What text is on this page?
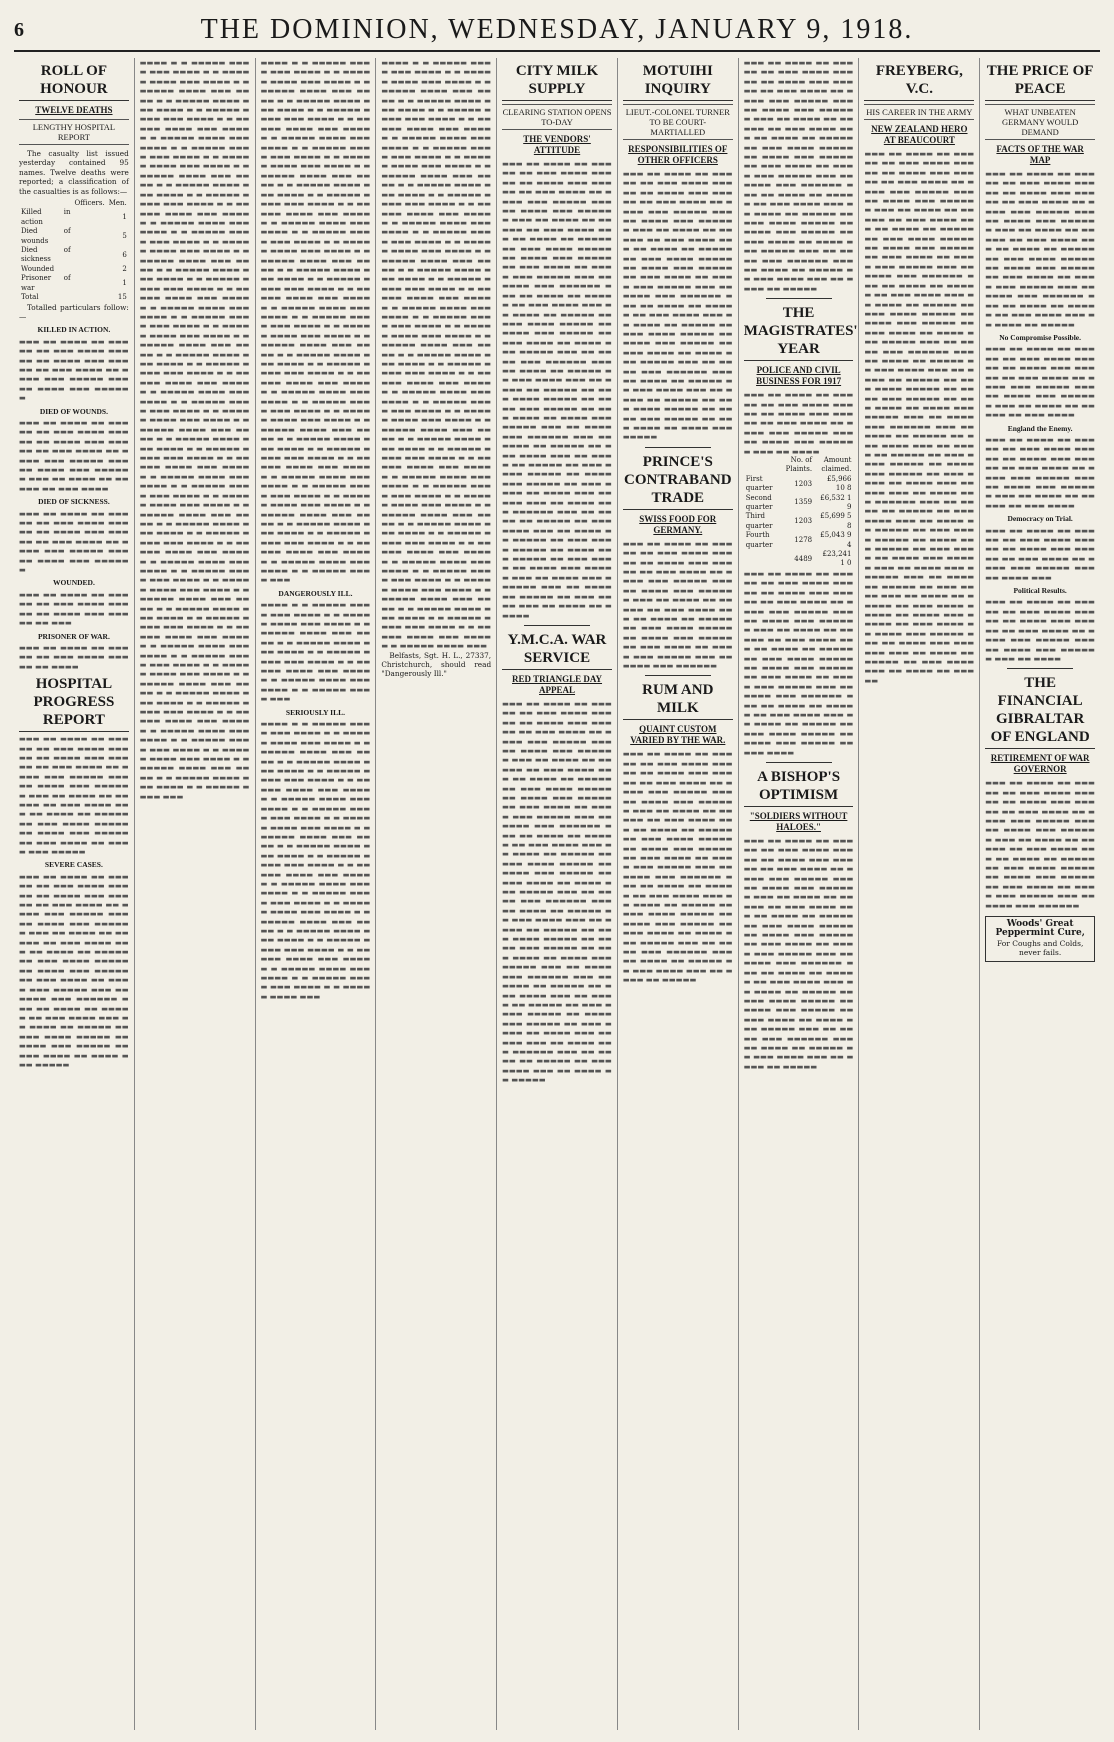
6	THE DOMINION, WEDNESDAY, JANUARY 9, 1918.
ROLL OF HONOUR
TWELVE DEATHS
LENGTHY HOSPITAL REPORT

The casualty list issued yesterday contained 95 names. Twelve deaths were reported; a classification of the casualties is as follows:—

	Officers.	Men.
Killed in action		1
Died of wounds		5
Died of sickness		6
Wounded		2
Prisoner of war		1
Total		15

Totalled particulars follow:—

KILLED IN ACTION.
▬▬▬ ▬▬ ▬▬▬▬ ▬▬ ▬▬▬▬▬ ▬▬ ▬▬▬ ▬▬▬▬ ▬▬▬▬▬ ▬▬ ▬▬▬▬ ▬▬▬ ▬▬▬▬▬ ▬▬ ▬▬▬ ▬▬▬▬ ▬▬ ▬▬▬▬ ▬▬▬ ▬▬▬▬▬ ▬▬▬ ▬▬ ▬▬▬▬ ▬▬▬ ▬▬▬▬▬▬
DIED OF WOUNDS.
▬▬▬ ▬▬ ▬▬▬▬ ▬▬ ▬▬▬▬▬ ▬▬ ▬▬▬ ▬▬▬▬ ▬▬▬▬▬ ▬▬ ▬▬▬▬ ▬▬▬ ▬▬▬▬▬ ▬▬ ▬▬▬ ▬▬▬▬ ▬▬ ▬▬▬▬ ▬▬▬ ▬▬▬▬▬ ▬▬▬ ▬▬ ▬▬▬▬ ▬▬▬ ▬▬▬▬▬▬ ▬▬▬ ▬▬ ▬▬▬▬ ▬▬ ▬▬▬▬▬ ▬▬ ▬▬▬ ▬▬▬▬
DIED OF SICKNESS.
▬▬▬ ▬▬ ▬▬▬▬ ▬▬ ▬▬▬▬▬ ▬▬ ▬▬▬ ▬▬▬▬ ▬▬▬▬▬ ▬▬ ▬▬▬▬ ▬▬▬ ▬▬▬▬▬ ▬▬ ▬▬▬ ▬▬▬▬ ▬▬ ▬▬▬▬ ▬▬▬ ▬▬▬▬▬ ▬▬▬ ▬▬ ▬▬▬▬ ▬▬▬ ▬▬▬▬▬▬
WOUNDED.
▬▬▬ ▬▬ ▬▬▬▬ ▬▬ ▬▬▬▬▬ ▬▬ ▬▬▬ ▬▬▬▬ ▬▬▬▬▬ ▬▬ ▬▬▬▬ ▬▬▬ ▬▬▬▬▬ ▬▬ ▬▬▬
PRISONER OF WAR.
▬▬▬ ▬▬ ▬▬▬▬ ▬▬ ▬▬▬▬▬ ▬▬ ▬▬▬ ▬▬▬▬ ▬▬▬▬▬ ▬▬ ▬▬▬▬
HOSPITAL PROGRESS REPORT
▬▬▬ ▬▬ ▬▬▬▬ ▬▬ ▬▬▬▬▬ ▬▬ ▬▬▬ ▬▬▬▬ ▬▬▬▬▬ ▬▬ ▬▬▬▬ ▬▬▬ ▬▬▬▬▬ ▬▬ ▬▬▬ ▬▬▬▬ ▬▬ ▬▬▬▬ ▬▬▬ ▬▬▬▬▬ ▬▬▬ ▬▬ ▬▬▬▬ ▬▬▬ ▬▬▬▬▬▬ ▬▬▬ ▬▬ ▬▬▬▬ ▬▬ ▬▬▬▬▬ ▬▬ ▬▬▬ ▬▬▬▬ ▬▬▬ ▬▬ ▬▬▬▬ ▬▬ ▬▬▬▬▬ ▬▬ ▬▬▬ ▬▬▬▬ ▬▬▬▬▬ ▬▬ ▬▬▬▬ ▬▬▬ ▬▬▬▬▬ ▬▬ ▬▬▬ ▬▬▬▬ ▬▬ ▬▬▬▬ ▬▬▬ ▬▬▬▬▬
SEVERE CASES.
▬▬▬ ▬▬ ▬▬▬▬ ▬▬ ▬▬▬▬▬ ▬▬ ▬▬▬ ▬▬▬▬ ▬▬▬▬▬ ▬▬ ▬▬▬▬ ▬▬▬ ▬▬▬▬▬ ▬▬ ▬▬▬ ▬▬▬▬ ▬▬ ▬▬▬▬ ▬▬▬ ▬▬▬▬▬ ▬▬▬ ▬▬ ▬▬▬▬ ▬▬▬ ▬▬▬▬▬▬ ▬▬▬ ▬▬ ▬▬▬▬ ▬▬ ▬▬▬▬▬ ▬▬ ▬▬▬ ▬▬▬▬ ▬▬▬ ▬▬ ▬▬▬▬ ▬▬ ▬▬▬▬▬ ▬▬ ▬▬▬ ▬▬▬▬ ▬▬▬▬▬ ▬▬ ▬▬▬▬ ▬▬▬ ▬▬▬▬▬ ▬▬ ▬▬▬ ▬▬▬▬ ▬▬ ▬▬▬▬ ▬▬▬ ▬▬▬▬▬ ▬▬▬ ▬▬ ▬▬▬▬ ▬▬▬ ▬▬▬▬▬▬ ▬▬▬ ▬▬ ▬▬▬▬ ▬▬ ▬▬▬▬▬ ▬▬ ▬▬▬ ▬▬▬▬ ▬▬▬ ▬▬ ▬▬▬▬ ▬▬ ▬▬▬▬▬ ▬▬ ▬▬▬ ▬▬▬▬ ▬▬▬▬▬ ▬▬ ▬▬▬▬ ▬▬▬ ▬▬▬▬▬ ▬▬ ▬▬▬ ▬▬▬▬ ▬▬ ▬▬▬▬ ▬▬▬ ▬▬▬▬▬
▬▬▬▬ ▬ ▬ ▬▬▬▬▬ ▬▬▬▬ ▬▬▬ ▬▬▬▬ ▬ ▬ ▬▬▬▬▬ ▬▬▬▬ ▬▬▬ ▬▬▬▬ ▬ ▬ ▬▬▬▬▬ ▬▬▬▬ ▬▬▬ ▬▬▬▬ ▬ ▬ ▬▬▬▬▬ ▬▬▬▬ ▬▬▬ ▬▬▬▬ ▬ ▬ ▬▬▬▬▬ ▬▬▬▬ ▬▬▬ ▬▬▬▬ ▬ ▬ ▬▬▬▬▬ ▬▬▬▬ ▬▬▬ ▬▬▬▬ ▬ ▬ ▬▬▬▬▬ ▬▬▬▬ ▬▬▬ ▬▬▬▬ ▬ ▬ ▬▬▬▬▬ ▬▬▬▬ ▬▬▬ ▬▬▬▬ ▬ ▬ ▬▬▬▬▬ ▬▬▬▬ ▬▬▬ ▬▬▬▬ ▬ ▬ ▬▬▬▬▬ ▬▬▬▬ ▬▬▬ ▬▬▬▬ ▬ ▬ ▬▬▬▬▬ ▬▬▬▬ ▬▬▬ ▬▬▬▬ ▬ ▬ ▬▬▬▬▬ ▬▬▬▬ ▬▬▬ ▬▬▬▬ ▬ ▬ ▬▬▬▬▬ ▬▬▬▬ ▬▬▬ ▬▬▬▬ ▬ ▬ ▬▬▬▬▬ ▬▬▬▬ ▬▬▬ ▬▬▬▬ ▬ ▬ ▬▬▬▬▬ ▬▬▬▬ ▬▬▬ ▬▬▬▬ ▬ ▬ ▬▬▬▬▬ ▬▬▬▬ ▬▬▬ ▬▬▬▬ ▬ ▬ ▬▬▬▬▬ ▬▬▬▬ ▬▬▬ ▬▬▬▬ ▬ ▬ ▬▬▬▬▬ ▬▬▬▬ ▬▬▬ ▬▬▬▬ ▬ ▬ ▬▬▬▬▬ ▬▬▬▬ ▬▬▬ ▬▬▬▬ ▬ ▬ ▬▬▬▬▬ ▬▬▬▬ ▬▬▬ ▬▬▬▬ ▬ ▬ ▬▬▬▬▬ ▬▬▬▬ ▬▬▬ ▬▬▬▬ ▬ ▬ ▬▬▬▬▬ ▬▬▬▬ ▬▬▬ ▬▬▬▬ ▬ ▬ ▬▬▬▬▬ ▬▬▬▬ ▬▬▬ ▬▬▬▬ ▬ ▬ ▬▬▬▬▬ ▬▬▬▬ ▬▬▬ ▬▬▬▬ ▬ ▬ ▬▬▬▬▬ ▬▬▬▬ ▬▬▬ ▬▬▬▬ ▬ ▬ ▬▬▬▬▬ ▬▬▬▬ ▬▬▬ ▬▬▬▬ ▬ ▬ ▬▬▬▬▬ ▬▬▬▬ ▬▬▬ ▬▬▬▬ ▬ ▬ ▬▬▬▬▬ ▬▬▬▬ ▬▬▬ ▬▬▬▬ ▬ ▬ ▬▬▬▬▬ ▬▬▬▬ ▬▬▬ ▬▬▬▬ ▬ ▬ ▬▬▬▬▬ ▬▬▬▬ ▬▬▬ ▬▬▬▬ ▬ ▬ ▬▬▬▬▬ ▬▬▬▬ ▬▬▬ ▬▬▬▬ ▬ ▬ ▬▬▬▬▬ ▬▬▬▬ ▬▬▬ ▬▬▬▬ ▬ ▬ ▬▬▬▬▬ ▬▬▬▬ ▬▬▬ ▬▬▬▬ ▬ ▬ ▬▬▬▬▬ ▬▬▬▬ ▬▬▬ ▬▬▬▬ ▬ ▬ ▬▬▬▬▬ ▬▬▬▬ ▬▬▬ ▬▬▬▬ ▬ ▬ ▬▬▬▬▬ ▬▬▬▬ ▬▬▬ ▬▬▬▬ ▬ ▬ ▬▬▬▬▬ ▬▬▬▬ ▬▬▬ ▬▬▬▬ ▬ ▬ ▬▬▬▬▬ ▬▬▬▬ ▬▬▬ ▬▬▬▬ ▬ ▬ ▬▬▬▬▬ ▬▬▬▬ ▬▬▬ ▬▬▬▬ ▬ ▬ ▬▬▬▬▬ ▬▬▬▬ ▬▬▬ ▬▬▬▬ ▬ ▬ ▬▬▬▬▬ ▬▬▬▬ ▬▬▬ ▬▬▬▬ ▬ ▬ ▬▬▬▬▬ ▬▬▬▬ ▬▬▬ ▬▬▬▬ ▬ ▬ ▬▬▬▬▬ ▬▬▬▬ ▬▬▬ ▬▬▬▬ ▬ ▬ ▬▬▬▬▬ ▬▬▬▬ ▬▬▬ ▬▬▬▬ ▬ ▬ ▬▬▬▬▬ ▬▬▬▬ ▬▬▬ ▬▬▬▬ ▬ ▬ ▬▬▬▬▬ ▬▬▬▬ ▬▬▬ ▬▬▬▬ ▬ ▬ ▬▬▬▬▬ ▬▬▬▬ ▬▬▬ ▬▬▬▬ ▬ ▬ ▬▬▬▬▬ ▬▬▬▬ ▬▬▬ ▬▬▬▬ ▬ ▬ ▬▬▬▬▬ ▬▬▬▬ ▬▬▬ ▬▬▬▬ ▬ ▬ ▬▬▬▬▬ ▬▬▬▬ ▬▬▬ ▬▬▬▬ ▬ ▬ ▬▬▬▬▬ ▬▬▬▬ ▬▬▬ ▬▬▬▬ ▬ ▬ ▬▬▬▬▬ ▬▬▬▬ ▬▬▬ ▬▬▬▬ ▬ ▬ ▬▬▬▬▬ ▬▬▬▬ ▬▬▬ ▬▬▬▬ ▬ ▬ ▬▬▬▬▬ ▬▬▬▬ ▬▬▬ ▬▬▬▬ ▬ ▬ ▬▬▬▬▬ ▬▬▬▬ ▬▬▬ ▬▬▬▬ ▬ ▬ ▬▬▬▬▬ ▬▬▬▬ ▬▬▬ ▬▬▬▬ ▬ ▬ ▬▬▬▬▬ ▬▬▬▬ ▬▬▬ ▬▬▬▬ ▬ ▬ ▬▬▬▬▬ ▬▬▬▬ ▬▬▬ ▬▬▬▬ ▬ ▬ ▬▬▬▬▬ ▬▬▬▬ ▬▬▬ ▬▬▬▬ ▬ ▬ ▬▬▬▬▬ ▬▬▬▬ ▬▬▬ ▬▬▬▬ ▬ ▬ ▬▬▬▬▬ ▬▬▬▬ ▬▬▬
▬▬▬▬ ▬ ▬ ▬▬▬▬▬ ▬▬▬▬ ▬▬▬ ▬▬▬▬ ▬ ▬ ▬▬▬▬▬ ▬▬▬▬ ▬▬▬ ▬▬▬▬ ▬ ▬ ▬▬▬▬▬ ▬▬▬▬ ▬▬▬ ▬▬▬▬ ▬ ▬ ▬▬▬▬▬ ▬▬▬▬ ▬▬▬ ▬▬▬▬ ▬ ▬ ▬▬▬▬▬ ▬▬▬▬ ▬▬▬ ▬▬▬▬ ▬ ▬ ▬▬▬▬▬ ▬▬▬▬ ▬▬▬ ▬▬▬▬ ▬ ▬ ▬▬▬▬▬ ▬▬▬▬ ▬▬▬ ▬▬▬▬ ▬ ▬ ▬▬▬▬▬ ▬▬▬▬ ▬▬▬ ▬▬▬▬ ▬ ▬ ▬▬▬▬▬ ▬▬▬▬ ▬▬▬ ▬▬▬▬ ▬ ▬ ▬▬▬▬▬ ▬▬▬▬ ▬▬▬ ▬▬▬▬ ▬ ▬ ▬▬▬▬▬ ▬▬▬▬ ▬▬▬ ▬▬▬▬ ▬ ▬ ▬▬▬▬▬ ▬▬▬▬ ▬▬▬ ▬▬▬▬ ▬ ▬ ▬▬▬▬▬ ▬▬▬▬ ▬▬▬ ▬▬▬▬ ▬ ▬ ▬▬▬▬▬ ▬▬▬▬ ▬▬▬ ▬▬▬▬ ▬ ▬ ▬▬▬▬▬ ▬▬▬▬ ▬▬▬ ▬▬▬▬ ▬ ▬ ▬▬▬▬▬ ▬▬▬▬ ▬▬▬ ▬▬▬▬ ▬ ▬ ▬▬▬▬▬ ▬▬▬▬ ▬▬▬ ▬▬▬▬ ▬ ▬ ▬▬▬▬▬ ▬▬▬▬ ▬▬▬ ▬▬▬▬ ▬ ▬ ▬▬▬▬▬ ▬▬▬▬ ▬▬▬ ▬▬▬▬ ▬ ▬ ▬▬▬▬▬ ▬▬▬▬ ▬▬▬ ▬▬▬▬ ▬ ▬ ▬▬▬▬▬ ▬▬▬▬ ▬▬▬ ▬▬▬▬ ▬ ▬ ▬▬▬▬▬ ▬▬▬▬ ▬▬▬ ▬▬▬▬ ▬ ▬ ▬▬▬▬▬ ▬▬▬▬ ▬▬▬ ▬▬▬▬ ▬ ▬ ▬▬▬▬▬ ▬▬▬▬ ▬▬▬ ▬▬▬▬ ▬ ▬ ▬▬▬▬▬ ▬▬▬▬ ▬▬▬ ▬▬▬▬ ▬ ▬ ▬▬▬▬▬ ▬▬▬▬ ▬▬▬ ▬▬▬▬ ▬ ▬ ▬▬▬▬▬ ▬▬▬▬ ▬▬▬ ▬▬▬▬ ▬ ▬ ▬▬▬▬▬ ▬▬▬▬ ▬▬▬ ▬▬▬▬ ▬ ▬ ▬▬▬▬▬ ▬▬▬▬ ▬▬▬ ▬▬▬▬ ▬ ▬ ▬▬▬▬▬ ▬▬▬▬ ▬▬▬ ▬▬▬▬ ▬ ▬ ▬▬▬▬▬ ▬▬▬▬ ▬▬▬ ▬▬▬▬ ▬ ▬ ▬▬▬▬▬ ▬▬▬▬ ▬▬▬ ▬▬▬▬ ▬ ▬ ▬▬▬▬▬ ▬▬▬▬ ▬▬▬ ▬▬▬▬ ▬ ▬ ▬▬▬▬▬ ▬▬▬▬ ▬▬▬ ▬▬▬▬ ▬ ▬ ▬▬▬▬▬ ▬▬▬▬ ▬▬▬ ▬▬▬▬ ▬ ▬ ▬▬▬▬▬ ▬▬▬▬ ▬▬▬ ▬▬▬▬ ▬ ▬ ▬▬▬▬▬ ▬▬▬▬ ▬▬▬ ▬▬▬▬ ▬ ▬ ▬▬▬▬▬ ▬▬▬▬ ▬▬▬ ▬▬▬▬ ▬ ▬ ▬▬▬▬▬ ▬▬▬▬ ▬▬▬ ▬▬▬▬ ▬ ▬ ▬▬▬▬▬ ▬▬▬▬ ▬▬▬ ▬▬▬▬ ▬ ▬ ▬▬▬▬▬ ▬▬▬▬ ▬▬▬ ▬▬▬▬ ▬ ▬ ▬▬▬▬▬ ▬▬▬▬ ▬▬▬ ▬▬▬▬ ▬ ▬ ▬▬▬▬▬ ▬▬▬▬ ▬▬▬
DANGEROUSLY ILL.
▬▬▬▬ ▬ ▬ ▬▬▬▬▬ ▬▬▬▬ ▬▬▬ ▬▬▬▬ ▬ ▬ ▬▬▬▬▬ ▬▬▬▬ ▬▬▬ ▬▬▬▬ ▬ ▬ ▬▬▬▬▬ ▬▬▬▬ ▬▬▬ ▬▬▬▬ ▬ ▬ ▬▬▬▬▬ ▬▬▬▬ ▬▬▬ ▬▬▬▬ ▬ ▬ ▬▬▬▬▬ ▬▬▬▬ ▬▬▬ ▬▬▬▬ ▬ ▬ ▬▬▬▬▬ ▬▬▬▬ ▬▬▬ ▬▬▬▬ ▬ ▬ ▬▬▬▬▬ ▬▬▬▬ ▬▬▬ ▬▬▬▬ ▬ ▬ ▬▬▬▬▬ ▬▬▬▬ ▬▬▬
SERIOUSLY ILL.
▬▬▬▬ ▬ ▬ ▬▬▬▬▬ ▬▬▬▬ ▬▬▬ ▬▬▬▬ ▬ ▬ ▬▬▬▬▬ ▬▬▬▬ ▬▬▬ ▬▬▬▬ ▬ ▬ ▬▬▬▬▬ ▬▬▬▬ ▬▬▬ ▬▬▬▬ ▬ ▬ ▬▬▬▬▬ ▬▬▬▬ ▬▬▬ ▬▬▬▬ ▬ ▬ ▬▬▬▬▬ ▬▬▬▬ ▬▬▬ ▬▬▬▬ ▬ ▬ ▬▬▬▬▬ ▬▬▬▬ ▬▬▬ ▬▬▬▬ ▬ ▬ ▬▬▬▬▬ ▬▬▬▬ ▬▬▬ ▬▬▬▬ ▬ ▬ ▬▬▬▬▬ ▬▬▬▬ ▬▬▬ ▬▬▬▬ ▬ ▬ ▬▬▬▬▬ ▬▬▬▬ ▬▬▬ ▬▬▬▬ ▬ ▬ ▬▬▬▬▬ ▬▬▬▬ ▬▬▬ ▬▬▬▬ ▬ ▬ ▬▬▬▬▬ ▬▬▬▬ ▬▬▬ ▬▬▬▬ ▬ ▬ ▬▬▬▬▬ ▬▬▬▬ ▬▬▬ ▬▬▬▬ ▬ ▬ ▬▬▬▬▬ ▬▬▬▬ ▬▬▬ ▬▬▬▬ ▬ ▬ ▬▬▬▬▬ ▬▬▬▬ ▬▬▬ ▬▬▬▬ ▬ ▬ ▬▬▬▬▬ ▬▬▬▬ ▬▬▬ ▬▬▬▬ ▬ ▬ ▬▬▬▬▬ ▬▬▬▬ ▬▬▬ ▬▬▬▬ ▬ ▬ ▬▬▬▬▬ ▬▬▬▬ ▬▬▬ ▬▬▬▬ ▬ ▬ ▬▬▬▬▬ ▬▬▬▬ ▬▬▬ ▬▬▬▬ ▬ ▬ ▬▬▬▬▬ ▬▬▬▬ ▬▬▬ ▬▬▬▬ ▬ ▬ ▬▬▬▬▬ ▬▬▬▬ ▬▬▬ ▬▬▬▬ ▬ ▬ ▬▬▬▬▬ ▬▬▬▬ ▬▬▬ ▬▬▬▬ ▬ ▬ ▬▬▬▬▬ ▬▬▬▬ ▬▬▬ ▬▬▬▬ ▬ ▬ ▬▬▬▬▬ ▬▬▬▬ ▬▬▬
▬▬▬▬ ▬ ▬ ▬▬▬▬▬ ▬▬▬▬ ▬▬▬ ▬▬▬▬ ▬ ▬ ▬▬▬▬▬ ▬▬▬▬ ▬▬▬ ▬▬▬▬ ▬ ▬ ▬▬▬▬▬ ▬▬▬▬ ▬▬▬ ▬▬▬▬ ▬ ▬ ▬▬▬▬▬ ▬▬▬▬ ▬▬▬ ▬▬▬▬ ▬ ▬ ▬▬▬▬▬ ▬▬▬▬ ▬▬▬ ▬▬▬▬ ▬ ▬ ▬▬▬▬▬ ▬▬▬▬ ▬▬▬ ▬▬▬▬ ▬ ▬ ▬▬▬▬▬ ▬▬▬▬ ▬▬▬ ▬▬▬▬ ▬ ▬ ▬▬▬▬▬ ▬▬▬▬ ▬▬▬ ▬▬▬▬ ▬ ▬ ▬▬▬▬▬ ▬▬▬▬ ▬▬▬ ▬▬▬▬ ▬ ▬ ▬▬▬▬▬ ▬▬▬▬ ▬▬▬ ▬▬▬▬ ▬ ▬ ▬▬▬▬▬ ▬▬▬▬ ▬▬▬ ▬▬▬▬ ▬ ▬ ▬▬▬▬▬ ▬▬▬▬ ▬▬▬ ▬▬▬▬ ▬ ▬ ▬▬▬▬▬ ▬▬▬▬ ▬▬▬ ▬▬▬▬ ▬ ▬ ▬▬▬▬▬ ▬▬▬▬ ▬▬▬ ▬▬▬▬ ▬ ▬ ▬▬▬▬▬ ▬▬▬▬ ▬▬▬ ▬▬▬▬ ▬ ▬ ▬▬▬▬▬ ▬▬▬▬ ▬▬▬ ▬▬▬▬ ▬ ▬ ▬▬▬▬▬ ▬▬▬▬ ▬▬▬ ▬▬▬▬ ▬ ▬ ▬▬▬▬▬ ▬▬▬▬ ▬▬▬ ▬▬▬▬ ▬ ▬ ▬▬▬▬▬ ▬▬▬▬ ▬▬▬ ▬▬▬▬ ▬ ▬ ▬▬▬▬▬ ▬▬▬▬ ▬▬▬ ▬▬▬▬ ▬ ▬ ▬▬▬▬▬ ▬▬▬▬ ▬▬▬ ▬▬▬▬ ▬ ▬ ▬▬▬▬▬ ▬▬▬▬ ▬▬▬ ▬▬▬▬ ▬ ▬ ▬▬▬▬▬ ▬▬▬▬ ▬▬▬ ▬▬▬▬ ▬ ▬ ▬▬▬▬▬ ▬▬▬▬ ▬▬▬ ▬▬▬▬ ▬ ▬ ▬▬▬▬▬ ▬▬▬▬ ▬▬▬ ▬▬▬▬ ▬ ▬ ▬▬▬▬▬ ▬▬▬▬ ▬▬▬ ▬▬▬▬ ▬ ▬ ▬▬▬▬▬ ▬▬▬▬ ▬▬▬ ▬▬▬▬ ▬ ▬ ▬▬▬▬▬ ▬▬▬▬ ▬▬▬ ▬▬▬▬ ▬ ▬ ▬▬▬▬▬ ▬▬▬▬ ▬▬▬ ▬▬▬▬ ▬ ▬ ▬▬▬▬▬ ▬▬▬▬ ▬▬▬ ▬▬▬▬ ▬ ▬ ▬▬▬▬▬ ▬▬▬▬ ▬▬▬ ▬▬▬▬ ▬ ▬ ▬▬▬▬▬ ▬▬▬▬ ▬▬▬ ▬▬▬▬ ▬ ▬ ▬▬▬▬▬ ▬▬▬▬ ▬▬▬ ▬▬▬▬ ▬ ▬ ▬▬▬▬▬ ▬▬▬▬ ▬▬▬ ▬▬▬▬ ▬ ▬ ▬▬▬▬▬ ▬▬▬▬ ▬▬▬ ▬▬▬▬ ▬ ▬ ▬▬▬▬▬ ▬▬▬▬ ▬▬▬ ▬▬▬▬ ▬ ▬ ▬▬▬▬▬ ▬▬▬▬ ▬▬▬ ▬▬▬▬ ▬ ▬ ▬▬▬▬▬ ▬▬▬▬ ▬▬▬ ▬▬▬▬ ▬ ▬ ▬▬▬▬▬ ▬▬▬▬ ▬▬▬ ▬▬▬▬ ▬ ▬ ▬▬▬▬▬ ▬▬▬▬ ▬▬▬ ▬▬▬▬ ▬ ▬ ▬▬▬▬▬ ▬▬▬▬ ▬▬▬ ▬▬▬▬ ▬ ▬ ▬▬▬▬▬ ▬▬▬▬ ▬▬▬ ▬▬▬▬ ▬ ▬ ▬▬▬▬▬ ▬▬▬▬ ▬▬▬ ▬▬▬▬ ▬ ▬ ▬▬▬▬▬ ▬▬▬▬ ▬▬▬ ▬▬▬▬ ▬ ▬ ▬▬▬▬▬ ▬▬▬▬ ▬▬▬ ▬▬▬▬ ▬ ▬ ▬▬▬▬▬ ▬▬▬▬ ▬▬▬ ▬▬▬▬ ▬ ▬ ▬▬▬▬▬ ▬▬▬▬ ▬▬▬ ▬▬▬▬ ▬ ▬ ▬▬▬▬▬ ▬▬▬▬ ▬▬▬ ▬▬▬▬ ▬ ▬ ▬▬▬▬▬ ▬▬▬▬ ▬▬▬

Belfasts, Sgt. H. L., 27337, Christchurch, should read "Dangerously Ill."

CITY MILK SUPPLY
CLEARING STATION OPENS TO-DAY
THE VENDORS' ATTITUDE
▬▬▬ ▬▬ ▬▬▬▬ ▬▬ ▬▬▬▬▬ ▬▬ ▬▬▬ ▬▬▬▬ ▬▬▬▬▬ ▬▬ ▬▬▬▬ ▬▬▬ ▬▬▬▬▬ ▬▬ ▬▬▬ ▬▬▬▬ ▬▬ ▬▬▬▬ ▬▬▬ ▬▬▬▬▬ ▬▬▬ ▬▬ ▬▬▬▬ ▬▬▬ ▬▬▬▬▬▬ ▬▬▬ ▬▬ ▬▬▬▬ ▬▬ ▬▬▬▬▬ ▬▬ ▬▬▬ ▬▬▬▬ ▬▬▬ ▬▬ ▬▬▬▬ ▬▬ ▬▬▬▬▬ ▬▬ ▬▬▬ ▬▬▬▬ ▬▬▬▬▬ ▬▬ ▬▬▬▬ ▬▬▬ ▬▬▬▬▬ ▬▬ ▬▬▬ ▬▬▬▬ ▬▬ ▬▬▬▬ ▬▬▬ ▬▬▬▬▬ ▬▬▬ ▬▬ ▬▬▬▬ ▬▬▬ ▬▬▬▬▬▬ ▬▬▬ ▬▬ ▬▬▬▬ ▬▬ ▬▬▬▬▬ ▬▬ ▬▬▬ ▬▬▬▬ ▬▬▬ ▬▬ ▬▬▬▬ ▬▬ ▬▬▬▬▬ ▬▬ ▬▬▬ ▬▬▬▬ ▬▬▬▬▬ ▬▬ ▬▬▬▬ ▬▬▬ ▬▬▬▬▬ ▬▬ ▬▬▬ ▬▬▬▬ ▬▬ ▬▬▬▬ ▬▬▬ ▬▬▬▬▬ ▬▬▬ ▬▬ ▬▬▬▬ ▬▬▬ ▬▬▬▬▬▬ ▬▬▬ ▬▬ ▬▬▬▬ ▬▬ ▬▬▬▬▬ ▬▬ ▬▬▬ ▬▬▬▬ ▬▬▬ ▬▬ ▬▬▬▬ ▬▬ ▬▬▬▬▬ ▬▬ ▬▬▬ ▬▬▬▬ ▬▬▬▬▬ ▬▬ ▬▬▬▬ ▬▬▬ ▬▬▬▬▬ ▬▬ ▬▬▬ ▬▬▬▬ ▬▬ ▬▬▬▬ ▬▬▬ ▬▬▬▬▬ ▬▬▬ ▬▬ ▬▬▬▬ ▬▬▬ ▬▬▬▬▬▬ ▬▬▬ ▬▬ ▬▬▬▬ ▬▬ ▬▬▬▬▬ ▬▬ ▬▬▬ ▬▬▬▬ ▬▬▬ ▬▬ ▬▬▬▬ ▬▬ ▬▬▬▬▬ ▬▬ ▬▬▬ ▬▬▬▬ ▬▬▬▬▬ ▬▬ ▬▬▬▬ ▬▬▬ ▬▬▬▬▬ ▬▬ ▬▬▬ ▬▬▬▬ ▬▬ ▬▬▬▬ ▬▬▬ ▬▬▬▬▬ ▬▬▬ ▬▬ ▬▬▬▬ ▬▬▬ ▬▬▬▬▬▬ ▬▬▬ ▬▬ ▬▬▬▬ ▬▬ ▬▬▬▬▬ ▬▬ ▬▬▬ ▬▬▬▬ ▬▬▬ ▬▬ ▬▬▬▬ ▬▬ ▬▬▬▬▬ ▬▬ ▬▬▬ ▬▬▬▬ ▬▬▬▬▬ ▬▬ ▬▬▬▬ ▬▬▬ ▬▬▬▬▬ ▬▬ ▬▬▬ ▬▬▬▬ ▬▬ ▬▬▬▬ ▬▬▬ ▬▬▬▬▬ ▬▬▬ ▬▬ ▬▬▬▬ ▬▬▬ ▬▬▬▬▬▬ ▬▬▬ ▬▬ ▬▬▬▬ ▬▬ ▬▬▬▬▬ ▬▬ ▬▬▬ ▬▬▬▬ ▬▬▬ ▬▬ ▬▬▬▬ ▬▬ ▬▬▬▬▬
Y.M.C.A. WAR SERVICE
RED TRIANGLE DAY APPEAL
▬▬▬ ▬▬ ▬▬▬▬ ▬▬ ▬▬▬▬▬ ▬▬ ▬▬▬ ▬▬▬▬ ▬▬▬▬▬ ▬▬ ▬▬▬▬ ▬▬▬ ▬▬▬▬▬ ▬▬ ▬▬▬ ▬▬▬▬ ▬▬ ▬▬▬▬ ▬▬▬ ▬▬▬▬▬ ▬▬▬ ▬▬ ▬▬▬▬ ▬▬▬ ▬▬▬▬▬▬ ▬▬▬ ▬▬ ▬▬▬▬ ▬▬ ▬▬▬▬▬ ▬▬ ▬▬▬ ▬▬▬▬ ▬▬▬ ▬▬ ▬▬▬▬ ▬▬ ▬▬▬▬▬ ▬▬ ▬▬▬ ▬▬▬▬ ▬▬▬▬▬ ▬▬ ▬▬▬▬ ▬▬▬ ▬▬▬▬▬ ▬▬ ▬▬▬ ▬▬▬▬ ▬▬ ▬▬▬▬ ▬▬▬ ▬▬▬▬▬ ▬▬▬ ▬▬ ▬▬▬▬ ▬▬▬ ▬▬▬▬▬▬ ▬▬▬ ▬▬ ▬▬▬▬ ▬▬ ▬▬▬▬▬ ▬▬ ▬▬▬ ▬▬▬▬ ▬▬▬ ▬▬ ▬▬▬▬ ▬▬ ▬▬▬▬▬ ▬▬ ▬▬▬ ▬▬▬▬ ▬▬▬▬▬ ▬▬ ▬▬▬▬ ▬▬▬ ▬▬▬▬▬ ▬▬ ▬▬▬ ▬▬▬▬ ▬▬ ▬▬▬▬ ▬▬▬ ▬▬▬▬▬ ▬▬▬ ▬▬ ▬▬▬▬ ▬▬▬ ▬▬▬▬▬▬ ▬▬▬ ▬▬ ▬▬▬▬ ▬▬ ▬▬▬▬▬ ▬▬ ▬▬▬ ▬▬▬▬ ▬▬▬ ▬▬ ▬▬▬▬ ▬▬ ▬▬▬▬▬ ▬▬ ▬▬▬ ▬▬▬▬ ▬▬▬▬▬ ▬▬ ▬▬▬▬ ▬▬▬ ▬▬▬▬▬ ▬▬ ▬▬▬ ▬▬▬▬ ▬▬ ▬▬▬▬ ▬▬▬ ▬▬▬▬▬ ▬▬▬ ▬▬ ▬▬▬▬ ▬▬▬ ▬▬▬▬▬▬ ▬▬▬ ▬▬ ▬▬▬▬ ▬▬ ▬▬▬▬▬ ▬▬ ▬▬▬ ▬▬▬▬ ▬▬▬ ▬▬ ▬▬▬▬ ▬▬ ▬▬▬▬▬ ▬▬ ▬▬▬ ▬▬▬▬ ▬▬▬▬▬ ▬▬ ▬▬▬▬ ▬▬▬ ▬▬▬▬▬ ▬▬ ▬▬▬ ▬▬▬▬ ▬▬ ▬▬▬▬ ▬▬▬ ▬▬▬▬▬ ▬▬▬ ▬▬ ▬▬▬▬ ▬▬▬ ▬▬▬▬▬▬ ▬▬▬ ▬▬ ▬▬▬▬ ▬▬ ▬▬▬▬▬ ▬▬ ▬▬▬ ▬▬▬▬ ▬▬▬ ▬▬ ▬▬▬▬ ▬▬ ▬▬▬▬▬
MOTUIHI INQUIRY
LIEUT.-COLONEL TURNER TO BE COURT-MARTIALLED
RESPONSIBILITIES OF OTHER OFFICERS
▬▬▬ ▬▬ ▬▬▬▬ ▬▬ ▬▬▬▬▬ ▬▬ ▬▬▬ ▬▬▬▬ ▬▬▬▬▬ ▬▬ ▬▬▬▬ ▬▬▬ ▬▬▬▬▬ ▬▬ ▬▬▬ ▬▬▬▬ ▬▬ ▬▬▬▬ ▬▬▬ ▬▬▬▬▬ ▬▬▬ ▬▬ ▬▬▬▬ ▬▬▬ ▬▬▬▬▬▬ ▬▬▬ ▬▬ ▬▬▬▬ ▬▬ ▬▬▬▬▬ ▬▬ ▬▬▬ ▬▬▬▬ ▬▬▬ ▬▬ ▬▬▬▬ ▬▬ ▬▬▬▬▬ ▬▬ ▬▬▬ ▬▬▬▬ ▬▬▬▬▬ ▬▬ ▬▬▬▬ ▬▬▬ ▬▬▬▬▬ ▬▬ ▬▬▬ ▬▬▬▬ ▬▬ ▬▬▬▬ ▬▬▬ ▬▬▬▬▬ ▬▬▬ ▬▬ ▬▬▬▬ ▬▬▬ ▬▬▬▬▬▬ ▬▬▬ ▬▬ ▬▬▬▬ ▬▬ ▬▬▬▬▬ ▬▬ ▬▬▬ ▬▬▬▬ ▬▬▬ ▬▬ ▬▬▬▬ ▬▬ ▬▬▬▬▬ ▬▬ ▬▬▬ ▬▬▬▬ ▬▬▬▬▬ ▬▬ ▬▬▬▬ ▬▬▬ ▬▬▬▬▬ ▬▬ ▬▬▬ ▬▬▬▬ ▬▬ ▬▬▬▬ ▬▬▬ ▬▬▬▬▬ ▬▬▬ ▬▬ ▬▬▬▬ ▬▬▬ ▬▬▬▬▬▬ ▬▬▬ ▬▬ ▬▬▬▬ ▬▬ ▬▬▬▬▬ ▬▬ ▬▬▬ ▬▬▬▬ ▬▬▬ ▬▬ ▬▬▬▬ ▬▬ ▬▬▬▬▬ ▬▬ ▬▬▬ ▬▬▬▬ ▬▬▬▬▬ ▬▬ ▬▬▬▬ ▬▬▬ ▬▬▬▬▬ ▬▬ ▬▬▬ ▬▬▬▬ ▬▬ ▬▬▬▬ ▬▬▬ ▬▬▬▬▬
PRINCE'S CONTRABAND TRADE
SWISS FOOD FOR GERMANY.
▬▬▬ ▬▬ ▬▬▬▬ ▬▬ ▬▬▬▬▬ ▬▬ ▬▬▬ ▬▬▬▬ ▬▬▬▬▬ ▬▬ ▬▬▬▬ ▬▬▬ ▬▬▬▬▬ ▬▬ ▬▬▬ ▬▬▬▬ ▬▬ ▬▬▬▬ ▬▬▬ ▬▬▬▬▬ ▬▬▬ ▬▬ ▬▬▬▬ ▬▬▬ ▬▬▬▬▬▬ ▬▬▬ ▬▬ ▬▬▬▬ ▬▬ ▬▬▬▬▬ ▬▬ ▬▬▬ ▬▬▬▬ ▬▬▬ ▬▬ ▬▬▬▬ ▬▬ ▬▬▬▬▬ ▬▬ ▬▬▬ ▬▬▬▬ ▬▬▬▬▬ ▬▬ ▬▬▬▬ ▬▬▬ ▬▬▬▬▬ ▬▬ ▬▬▬ ▬▬▬▬ ▬▬ ▬▬▬▬ ▬▬▬ ▬▬▬▬▬ ▬▬▬ ▬▬ ▬▬▬▬ ▬▬▬ ▬▬▬▬▬▬
RUM AND MILK
QUAINT CUSTOM VARIED BY THE WAR.
▬▬▬ ▬▬ ▬▬▬▬ ▬▬ ▬▬▬▬▬ ▬▬ ▬▬▬ ▬▬▬▬ ▬▬▬▬▬ ▬▬ ▬▬▬▬ ▬▬▬ ▬▬▬▬▬ ▬▬ ▬▬▬ ▬▬▬▬ ▬▬ ▬▬▬▬ ▬▬▬ ▬▬▬▬▬ ▬▬▬ ▬▬ ▬▬▬▬ ▬▬▬ ▬▬▬▬▬▬ ▬▬▬ ▬▬ ▬▬▬▬ ▬▬ ▬▬▬▬▬ ▬▬ ▬▬▬ ▬▬▬▬ ▬▬▬ ▬▬ ▬▬▬▬ ▬▬ ▬▬▬▬▬ ▬▬ ▬▬▬ ▬▬▬▬ ▬▬▬▬▬ ▬▬ ▬▬▬▬ ▬▬▬ ▬▬▬▬▬ ▬▬ ▬▬▬ ▬▬▬▬ ▬▬ ▬▬▬▬ ▬▬▬ ▬▬▬▬▬ ▬▬▬ ▬▬ ▬▬▬▬ ▬▬▬ ▬▬▬▬▬▬ ▬▬▬ ▬▬ ▬▬▬▬ ▬▬ ▬▬▬▬▬ ▬▬ ▬▬▬ ▬▬▬▬ ▬▬▬ ▬▬ ▬▬▬▬ ▬▬ ▬▬▬▬▬ ▬▬ ▬▬▬ ▬▬▬▬ ▬▬▬▬▬ ▬▬ ▬▬▬▬ ▬▬▬ ▬▬▬▬▬ ▬▬ ▬▬▬ ▬▬▬▬ ▬▬ ▬▬▬▬ ▬▬▬ ▬▬▬▬▬ ▬▬▬ ▬▬ ▬▬▬▬ ▬▬▬ ▬▬▬▬▬▬ ▬▬▬ ▬▬ ▬▬▬▬ ▬▬ ▬▬▬▬▬ ▬▬ ▬▬▬ ▬▬▬▬ ▬▬▬ ▬▬ ▬▬▬▬ ▬▬ ▬▬▬▬▬
▬▬▬ ▬▬ ▬▬▬▬ ▬▬ ▬▬▬▬▬ ▬▬ ▬▬▬ ▬▬▬▬ ▬▬▬▬▬ ▬▬ ▬▬▬▬ ▬▬▬ ▬▬▬▬▬ ▬▬ ▬▬▬ ▬▬▬▬ ▬▬ ▬▬▬▬ ▬▬▬ ▬▬▬▬▬ ▬▬▬ ▬▬ ▬▬▬▬ ▬▬▬ ▬▬▬▬▬▬ ▬▬▬ ▬▬ ▬▬▬▬ ▬▬ ▬▬▬▬▬ ▬▬ ▬▬▬ ▬▬▬▬ ▬▬▬ ▬▬ ▬▬▬▬ ▬▬ ▬▬▬▬▬ ▬▬ ▬▬▬ ▬▬▬▬ ▬▬▬▬▬ ▬▬ ▬▬▬▬ ▬▬▬ ▬▬▬▬▬ ▬▬ ▬▬▬ ▬▬▬▬ ▬▬ ▬▬▬▬ ▬▬▬ ▬▬▬▬▬ ▬▬▬ ▬▬ ▬▬▬▬ ▬▬▬ ▬▬▬▬▬▬ ▬▬▬ ▬▬ ▬▬▬▬ ▬▬ ▬▬▬▬▬ ▬▬ ▬▬▬ ▬▬▬▬ ▬▬▬ ▬▬ ▬▬▬▬ ▬▬ ▬▬▬▬▬ ▬▬ ▬▬▬ ▬▬▬▬ ▬▬▬▬▬ ▬▬ ▬▬▬▬ ▬▬▬ ▬▬▬▬▬ ▬▬ ▬▬▬ ▬▬▬▬ ▬▬ ▬▬▬▬ ▬▬▬ ▬▬▬▬▬ ▬▬▬ ▬▬ ▬▬▬▬ ▬▬▬ ▬▬▬▬▬▬ ▬▬▬ ▬▬ ▬▬▬▬ ▬▬ ▬▬▬▬▬ ▬▬ ▬▬▬ ▬▬▬▬ ▬▬▬ ▬▬ ▬▬▬▬ ▬▬ ▬▬▬▬▬
THE MAGISTRATES' YEAR
POLICE AND CIVIL BUSINESS FOR 1917
▬▬▬ ▬▬ ▬▬▬▬ ▬▬ ▬▬▬▬▬ ▬▬ ▬▬▬ ▬▬▬▬ ▬▬▬▬▬ ▬▬ ▬▬▬▬ ▬▬▬ ▬▬▬▬▬ ▬▬ ▬▬▬ ▬▬▬▬ ▬▬ ▬▬▬▬ ▬▬▬ ▬▬▬▬▬ ▬▬▬ ▬▬ ▬▬▬▬ ▬▬▬ ▬▬▬▬▬▬ ▬▬▬ ▬▬ ▬▬▬▬
	No. of Plaints.	Amount claimed.
First quarter	1203	£5,966 10 8
Second quarter	1359	£6,532 1 9
Third quarter	1203	£5,699 5 8
Fourth quarter	1278	£5,043 9 4
	4489	£23,241 1 0
▬▬▬ ▬▬ ▬▬▬▬ ▬▬ ▬▬▬▬▬ ▬▬ ▬▬▬ ▬▬▬▬ ▬▬▬▬▬ ▬▬ ▬▬▬▬ ▬▬▬ ▬▬▬▬▬ ▬▬ ▬▬▬ ▬▬▬▬ ▬▬ ▬▬▬▬ ▬▬▬ ▬▬▬▬▬ ▬▬▬ ▬▬ ▬▬▬▬ ▬▬▬ ▬▬▬▬▬▬ ▬▬▬ ▬▬ ▬▬▬▬ ▬▬ ▬▬▬▬▬ ▬▬ ▬▬▬ ▬▬▬▬ ▬▬▬ ▬▬ ▬▬▬▬ ▬▬ ▬▬▬▬▬ ▬▬ ▬▬▬ ▬▬▬▬ ▬▬▬▬▬ ▬▬ ▬▬▬▬ ▬▬▬ ▬▬▬▬▬ ▬▬ ▬▬▬ ▬▬▬▬ ▬▬ ▬▬▬▬ ▬▬▬ ▬▬▬▬▬ ▬▬▬ ▬▬ ▬▬▬▬ ▬▬▬ ▬▬▬▬▬▬ ▬▬▬ ▬▬ ▬▬▬▬ ▬▬ ▬▬▬▬▬ ▬▬ ▬▬▬ ▬▬▬▬ ▬▬▬ ▬▬ ▬▬▬▬ ▬▬ ▬▬▬▬▬ ▬▬ ▬▬▬ ▬▬▬▬ ▬▬▬▬▬ ▬▬ ▬▬▬▬ ▬▬▬ ▬▬▬▬▬ ▬▬ ▬▬▬ ▬▬▬▬
A BISHOP'S OPTIMISM
"SOLDIERS WITHOUT HALOES."
▬▬▬ ▬▬ ▬▬▬▬ ▬▬ ▬▬▬▬▬ ▬▬ ▬▬▬ ▬▬▬▬ ▬▬▬▬▬ ▬▬ ▬▬▬▬ ▬▬▬ ▬▬▬▬▬ ▬▬ ▬▬▬ ▬▬▬▬ ▬▬ ▬▬▬▬ ▬▬▬ ▬▬▬▬▬ ▬▬▬ ▬▬ ▬▬▬▬ ▬▬▬ ▬▬▬▬▬▬ ▬▬▬ ▬▬ ▬▬▬▬ ▬▬ ▬▬▬▬▬ ▬▬ ▬▬▬ ▬▬▬▬ ▬▬▬ ▬▬ ▬▬▬▬ ▬▬ ▬▬▬▬▬ ▬▬ ▬▬▬ ▬▬▬▬ ▬▬▬▬▬ ▬▬ ▬▬▬▬ ▬▬▬ ▬▬▬▬▬ ▬▬ ▬▬▬ ▬▬▬▬ ▬▬ ▬▬▬▬ ▬▬▬ ▬▬▬▬▬ ▬▬▬ ▬▬ ▬▬▬▬ ▬▬▬ ▬▬▬▬▬▬ ▬▬▬ ▬▬ ▬▬▬▬ ▬▬ ▬▬▬▬▬ ▬▬ ▬▬▬ ▬▬▬▬ ▬▬▬ ▬▬ ▬▬▬▬ ▬▬ ▬▬▬▬▬ ▬▬ ▬▬▬ ▬▬▬▬ ▬▬▬▬▬ ▬▬ ▬▬▬▬ ▬▬▬ ▬▬▬▬▬ ▬▬ ▬▬▬ ▬▬▬▬ ▬▬ ▬▬▬▬ ▬▬▬ ▬▬▬▬▬ ▬▬▬ ▬▬ ▬▬▬▬ ▬▬▬ ▬▬▬▬▬▬ ▬▬▬ ▬▬ ▬▬▬▬ ▬▬ ▬▬▬▬▬ ▬▬ ▬▬▬ ▬▬▬▬ ▬▬▬ ▬▬ ▬▬▬▬ ▬▬ ▬▬▬▬▬
FREYBERG, V.C.
HIS CAREER IN THE ARMY
NEW ZEALAND HERO AT BEAUCOURT
▬▬▬ ▬▬ ▬▬▬▬ ▬▬ ▬▬▬▬▬ ▬▬ ▬▬▬ ▬▬▬▬ ▬▬▬▬▬ ▬▬ ▬▬▬▬ ▬▬▬ ▬▬▬▬▬ ▬▬ ▬▬▬ ▬▬▬▬ ▬▬ ▬▬▬▬ ▬▬▬ ▬▬▬▬▬ ▬▬▬ ▬▬ ▬▬▬▬ ▬▬▬ ▬▬▬▬▬▬ ▬▬▬ ▬▬ ▬▬▬▬ ▬▬ ▬▬▬▬▬ ▬▬ ▬▬▬ ▬▬▬▬ ▬▬▬ ▬▬ ▬▬▬▬ ▬▬ ▬▬▬▬▬ ▬▬ ▬▬▬ ▬▬▬▬ ▬▬▬▬▬ ▬▬ ▬▬▬▬ ▬▬▬ ▬▬▬▬▬ ▬▬ ▬▬▬ ▬▬▬▬ ▬▬ ▬▬▬▬ ▬▬▬ ▬▬▬▬▬ ▬▬▬ ▬▬ ▬▬▬▬ ▬▬▬ ▬▬▬▬▬▬ ▬▬▬ ▬▬ ▬▬▬▬ ▬▬ ▬▬▬▬▬ ▬▬ ▬▬▬ ▬▬▬▬ ▬▬▬ ▬▬ ▬▬▬▬ ▬▬ ▬▬▬▬▬ ▬▬ ▬▬▬ ▬▬▬▬ ▬▬▬▬▬ ▬▬ ▬▬▬▬ ▬▬▬ ▬▬▬▬▬ ▬▬ ▬▬▬ ▬▬▬▬ ▬▬ ▬▬▬▬ ▬▬▬ ▬▬▬▬▬ ▬▬▬ ▬▬ ▬▬▬▬ ▬▬▬ ▬▬▬▬▬▬ ▬▬▬ ▬▬ ▬▬▬▬ ▬▬ ▬▬▬▬▬ ▬▬ ▬▬▬ ▬▬▬▬ ▬▬▬ ▬▬ ▬▬▬▬ ▬▬ ▬▬▬▬▬ ▬▬ ▬▬▬ ▬▬▬▬ ▬▬▬▬▬ ▬▬ ▬▬▬▬ ▬▬▬ ▬▬▬▬▬ ▬▬ ▬▬▬ ▬▬▬▬ ▬▬ ▬▬▬▬ ▬▬▬ ▬▬▬▬▬ ▬▬▬ ▬▬ ▬▬▬▬ ▬▬▬ ▬▬▬▬▬▬ ▬▬▬ ▬▬ ▬▬▬▬ ▬▬ ▬▬▬▬▬ ▬▬ ▬▬▬ ▬▬▬▬ ▬▬▬ ▬▬ ▬▬▬▬ ▬▬ ▬▬▬▬▬ ▬▬ ▬▬▬ ▬▬▬▬ ▬▬▬▬▬ ▬▬ ▬▬▬▬ ▬▬▬ ▬▬▬▬▬ ▬▬ ▬▬▬ ▬▬▬▬ ▬▬ ▬▬▬▬ ▬▬▬ ▬▬▬▬▬ ▬▬▬ ▬▬ ▬▬▬▬ ▬▬▬ ▬▬▬▬▬▬ ▬▬▬ ▬▬ ▬▬▬▬ ▬▬ ▬▬▬▬▬ ▬▬ ▬▬▬ ▬▬▬▬ ▬▬▬ ▬▬ ▬▬▬▬ ▬▬ ▬▬▬▬▬ ▬▬ ▬▬▬ ▬▬▬▬ ▬▬▬▬▬ ▬▬ ▬▬▬▬ ▬▬▬ ▬▬▬▬▬ ▬▬ ▬▬▬ ▬▬▬▬ ▬▬ ▬▬▬▬ ▬▬▬ ▬▬▬▬▬ ▬▬▬ ▬▬ ▬▬▬▬ ▬▬▬ ▬▬▬▬▬▬ ▬▬▬ ▬▬ ▬▬▬▬ ▬▬ ▬▬▬▬▬ ▬▬ ▬▬▬ ▬▬▬▬ ▬▬▬ ▬▬ ▬▬▬▬ ▬▬ ▬▬▬▬▬ ▬▬ ▬▬▬ ▬▬▬▬ ▬▬▬▬▬ ▬▬ ▬▬▬▬ ▬▬▬ ▬▬▬▬▬ ▬▬ ▬▬▬ ▬▬▬▬ ▬▬ ▬▬▬▬ ▬▬▬ ▬▬▬▬▬ ▬▬▬ ▬▬ ▬▬▬▬ ▬▬▬ ▬▬▬▬▬▬ ▬▬▬ ▬▬ ▬▬▬▬ ▬▬ ▬▬▬▬▬ ▬▬ ▬▬▬ ▬▬▬▬ ▬▬▬ ▬▬ ▬▬▬▬ ▬▬ ▬▬▬▬▬
THE PRICE OF PEACE
WHAT UNBEATEN GERMANY WOULD DEMAND
FACTS OF THE WAR MAP
▬▬▬ ▬▬ ▬▬▬▬ ▬▬ ▬▬▬▬▬ ▬▬ ▬▬▬ ▬▬▬▬ ▬▬▬▬▬ ▬▬ ▬▬▬▬ ▬▬▬ ▬▬▬▬▬ ▬▬ ▬▬▬ ▬▬▬▬ ▬▬ ▬▬▬▬ ▬▬▬ ▬▬▬▬▬ ▬▬▬ ▬▬ ▬▬▬▬ ▬▬▬ ▬▬▬▬▬▬ ▬▬▬ ▬▬ ▬▬▬▬ ▬▬ ▬▬▬▬▬ ▬▬ ▬▬▬ ▬▬▬▬ ▬▬▬ ▬▬ ▬▬▬▬ ▬▬ ▬▬▬▬▬ ▬▬ ▬▬▬ ▬▬▬▬ ▬▬▬▬▬ ▬▬ ▬▬▬▬ ▬▬▬ ▬▬▬▬▬ ▬▬ ▬▬▬ ▬▬▬▬ ▬▬ ▬▬▬▬ ▬▬▬ ▬▬▬▬▬ ▬▬▬ ▬▬ ▬▬▬▬ ▬▬▬ ▬▬▬▬▬▬ ▬▬▬ ▬▬ ▬▬▬▬ ▬▬ ▬▬▬▬▬ ▬▬ ▬▬▬ ▬▬▬▬ ▬▬▬ ▬▬ ▬▬▬▬ ▬▬ ▬▬▬▬▬
No Compromise Possible.
▬▬▬ ▬▬ ▬▬▬▬ ▬▬ ▬▬▬▬▬ ▬▬ ▬▬▬ ▬▬▬▬ ▬▬▬▬▬ ▬▬ ▬▬▬▬ ▬▬▬ ▬▬▬▬▬ ▬▬ ▬▬▬ ▬▬▬▬ ▬▬ ▬▬▬▬ ▬▬▬ ▬▬▬▬▬ ▬▬▬ ▬▬ ▬▬▬▬ ▬▬▬ ▬▬▬▬▬▬ ▬▬▬ ▬▬ ▬▬▬▬ ▬▬ ▬▬▬▬▬ ▬▬ ▬▬▬ ▬▬▬▬
England the Enemy.
▬▬▬ ▬▬ ▬▬▬▬ ▬▬ ▬▬▬▬▬ ▬▬ ▬▬▬ ▬▬▬▬ ▬▬▬▬▬ ▬▬ ▬▬▬▬ ▬▬▬ ▬▬▬▬▬ ▬▬ ▬▬▬ ▬▬▬▬ ▬▬ ▬▬▬▬ ▬▬▬ ▬▬▬▬▬ ▬▬▬ ▬▬ ▬▬▬▬ ▬▬▬ ▬▬▬▬▬▬ ▬▬▬ ▬▬ ▬▬▬▬ ▬▬ ▬▬▬▬▬ ▬▬ ▬▬▬ ▬▬▬▬
Democracy on Trial.
▬▬▬ ▬▬ ▬▬▬▬ ▬▬ ▬▬▬▬▬ ▬▬ ▬▬▬ ▬▬▬▬ ▬▬▬▬▬ ▬▬ ▬▬▬▬ ▬▬▬ ▬▬▬▬▬ ▬▬ ▬▬▬ ▬▬▬▬ ▬▬ ▬▬▬▬ ▬▬▬ ▬▬▬▬▬ ▬▬▬ ▬▬ ▬▬▬▬ ▬▬▬
Political Results.
▬▬▬ ▬▬ ▬▬▬▬ ▬▬ ▬▬▬▬▬ ▬▬ ▬▬▬ ▬▬▬▬ ▬▬▬▬▬ ▬▬ ▬▬▬▬ ▬▬▬ ▬▬▬▬▬ ▬▬ ▬▬▬ ▬▬▬▬ ▬▬ ▬▬▬▬ ▬▬▬ ▬▬▬▬▬ ▬▬▬ ▬▬ ▬▬▬▬ ▬▬▬ ▬▬▬▬▬▬ ▬▬▬ ▬▬ ▬▬▬▬
THE FINANCIAL GIBRALTAR OF ENGLAND
RETIREMENT OF WAR GOVERNOR
▬▬▬ ▬▬ ▬▬▬▬ ▬▬ ▬▬▬▬▬ ▬▬ ▬▬▬ ▬▬▬▬ ▬▬▬▬▬ ▬▬ ▬▬▬▬ ▬▬▬ ▬▬▬▬▬ ▬▬ ▬▬▬ ▬▬▬▬ ▬▬ ▬▬▬▬ ▬▬▬ ▬▬▬▬▬ ▬▬▬ ▬▬ ▬▬▬▬ ▬▬▬ ▬▬▬▬▬▬ ▬▬▬ ▬▬ ▬▬▬▬ ▬▬ ▬▬▬▬▬ ▬▬ ▬▬▬ ▬▬▬▬ ▬▬▬ ▬▬ ▬▬▬▬ ▬▬ ▬▬▬▬▬ ▬▬ ▬▬▬ ▬▬▬▬ ▬▬▬▬▬ ▬▬ ▬▬▬▬ ▬▬▬ ▬▬▬▬▬ ▬▬ ▬▬▬ ▬▬▬▬ ▬▬ ▬▬▬▬ ▬▬▬ ▬▬▬▬▬ ▬▬▬ ▬▬ ▬▬▬▬ ▬▬▬ ▬▬▬▬▬▬
Woods' Great Peppermint Cure,
For Coughs and Colds, never fails.
